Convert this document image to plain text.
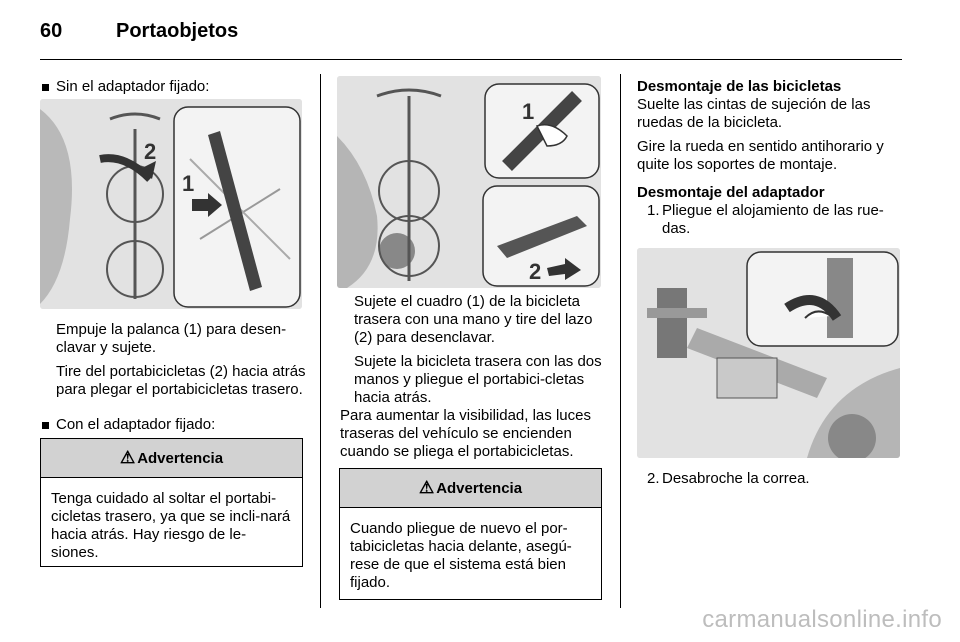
60	Portaobjetos

Sin el adaptador fijado:

2
1

Empuje la palanca (1) para desen‐clavar y sujete.

Tire del portabicicletas (2) hacia atrás para plegar el portabicicletas trasero.

Con el adaptador fijado:

⚠ Advertencia
Tenga cuidado al soltar el portabi‐cicletas trasero, ya que se incli‐nará hacia atrás. Hay riesgo de le‐siones.
1
2

Sujete el cuadro (1) de la bicicleta trasera con una mano y tire del lazo (2) para desenclavar.

Sujete la bicicleta trasera con las dos manos y pliegue el portabici‐cletas hacia atrás.

Para aumentar la visibilidad, las luces traseras del vehículo se encienden cuando se pliega el portabicicletas.

⚠ Advertencia
Cuando pliegue de nuevo el por‐tabicicletas hacia delante, asegú‐rese de que el sistema está bien fijado.

Desmontaje de las bicicletas

Suelte las cintas de sujeción de las ruedas de la bicicleta.

Gire la rueda en sentido antihorario y quite los soportes de montaje.

Desmontaje del adaptador

1. Pliegue el alojamiento de las rue‐das.
2. Desabroche la correa.
carmanualsonline.info
